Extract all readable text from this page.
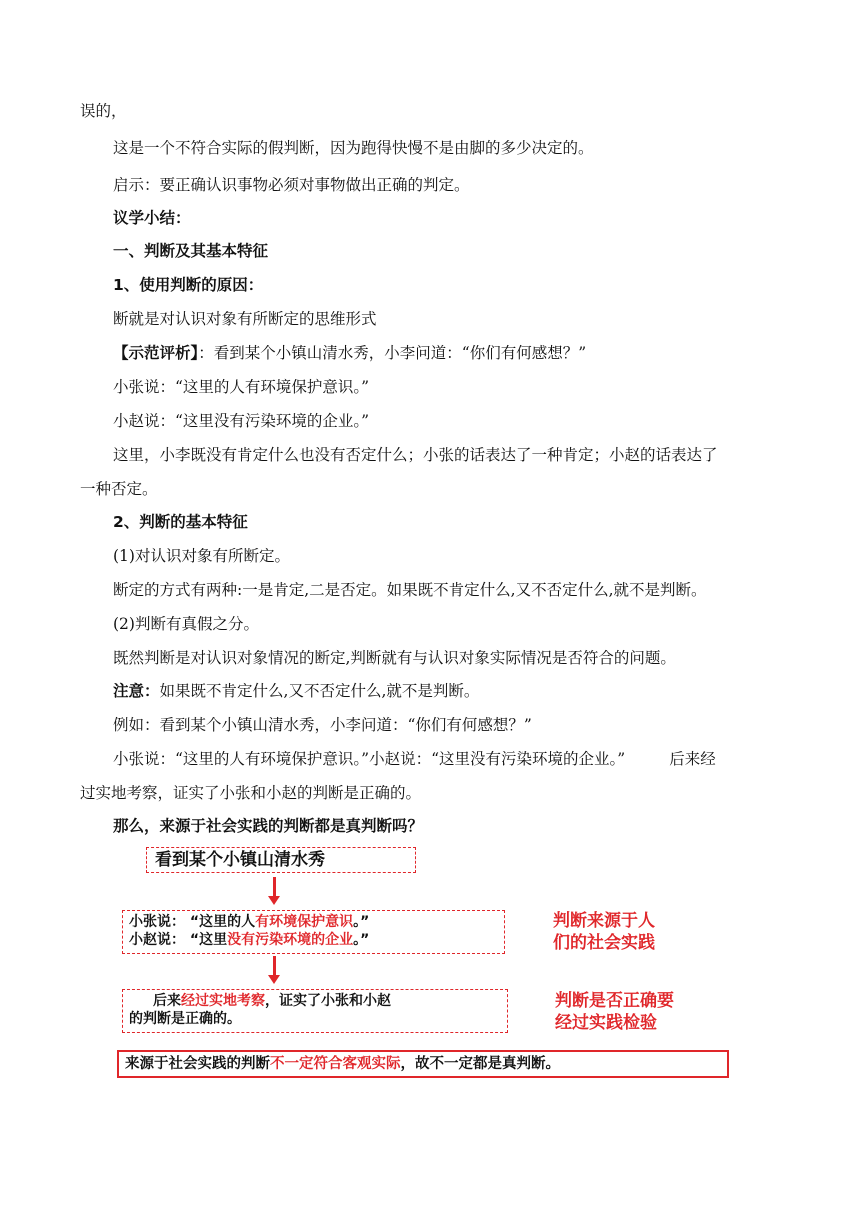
误的，
这是一个不符合实际的假判断，因为跑得快慢不是由脚的多少决定的。
启示：要正确认识事物必须对事物做出正确的判定。
议学小结：
一、判断及其基本特征
1、使用判断的原因：
断就是对认识对象有所断定的思维形式
【示范评析】：看到某个小镇山清水秀，小李问道：“你们有何感想？”
小张说：“这里的人有环境保护意识。”
小赵说：“这里没有污染环境的企业。”
这里，小李既没有肯定什么也没有否定什么；小张的话表达了一种肯定；小赵的话表达了
一种否定。
2、判断的基本特征
(1)对认识对象有所断定。
断定的方式有两种:一是肯定,二是否定。如果既不肯定什么,又不否定什么,就不是判断。
(2)判断有真假之分。
既然判断是对认识对象情况的断定,判断就有与认识对象实际情况是否符合的问题。
注意：如果既不肯定什么,又不否定什么,就不是判断。
例如：看到某个小镇山清水秀，小李问道：“你们有何感想？”
小张说：“这里的人有环境保护意识。”小赵说：“这里没有污染环境的企业。”	后来经
过实地考察，证实了小张和小赵的判断是正确的。
那么，来源于社会实践的判断都是真判断吗？
看到某个小镇山清水秀
小张说： “这里的人有环境保护意识。”
小赵说： “这里没有污染环境的企业。”
判断来源于人
们的社会实践
后来经过实地考察，证实了小张和小赵
的判断是正确的。
判断是否正确要
经过实践检验
来源于社会实践的判断不一定符合客观实际，故不一定都是真判断。
